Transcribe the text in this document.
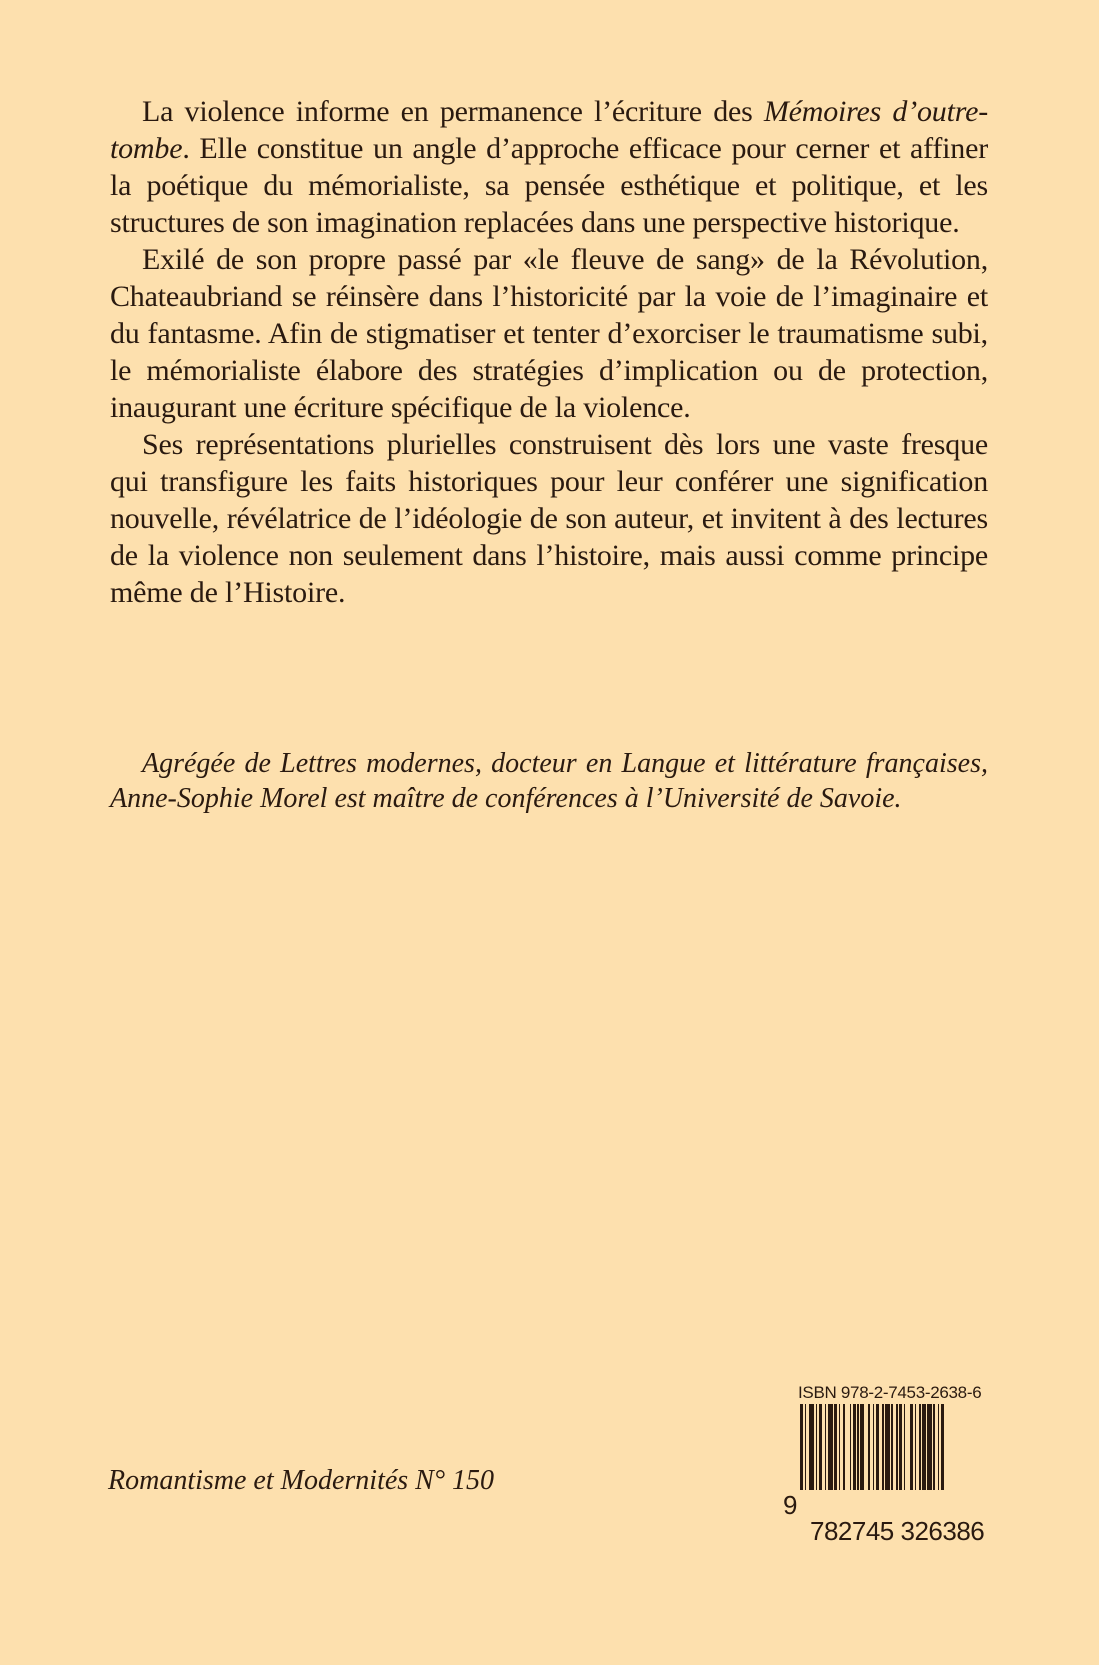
La violence informe en permanence l’écriture des Mémoires d’outre-tombe. Elle constitue un angle d’approche efficace pour cerner et affiner la poétique du mémorialiste, sa pensée esthétique et politique, et les structures de son imagination replacées dans une perspective historique.

Exilé de son propre passé par «le fleuve de sang» de la Révolution, Chateaubriand se réinsère dans l’historicité par la voie de l’imaginaire et du fantasme. Afin de stigmatiser et tenter d’exorciser le traumatisme subi, le mémorialiste élabore des stratégies d’implication ou de protection, inaugurant une écriture spécifique de la violence.

Ses représentations plurielles construisent dès lors une vaste fresque qui transfigure les faits historiques pour leur conférer une signification nouvelle, révélatrice de l’idéologie de son auteur, et invitent à des lectures de la violence non seulement dans l’histoire, mais aussi comme principe même de l’Histoire.

Agrégée de Lettres modernes, docteur en Langue et littérature françaises, Anne-Sophie Morel est maître de conférences à l’Université de Savoie.

Romantisme et Modernités N° 150
ISBN 978-2-7453-2638-6

9

782745 326386
